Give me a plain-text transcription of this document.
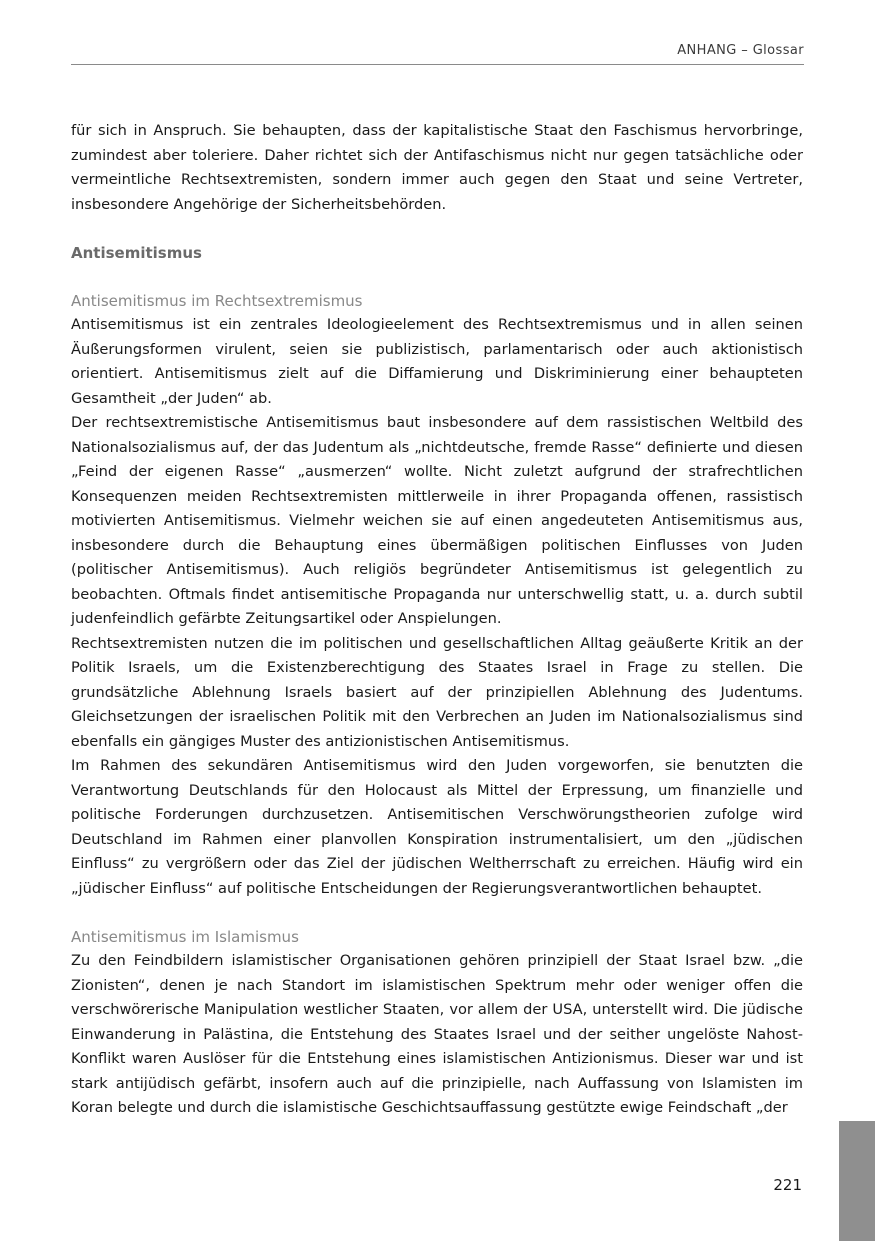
ANHANG – Glossar

für sich in Anspruch. Sie behaupten, dass der kapitalistische Staat den Faschismus hervorbringe, zumindest aber toleriere. Daher richtet sich der Antifaschismus nicht nur gegen tatsächliche oder vermeintliche Rechtsextremisten, sondern immer auch gegen den Staat und seine Vertreter, insbesondere Angehörige der Sicherheitsbehörden.

Antisemitismus
Antisemitismus im Rechtsextremismus

Antisemitismus ist ein zentrales Ideologieelement des Rechtsextremismus und in allen seinen Äußerungsformen virulent, seien sie publizistisch, parlamentarisch oder auch aktionistisch orientiert. Antisemitismus zielt auf die Diffamierung und Diskriminierung einer behaupteten Gesamtheit „der Juden“ ab.

Der rechtsextremistische Antisemitismus baut insbesondere auf dem rassistischen Weltbild des Nationalsozialismus auf, der das Judentum als „nichtdeutsche, fremde Rasse“ definierte und diesen „Feind der eigenen Rasse“ „ausmerzen“ wollte. Nicht zuletzt aufgrund der strafrechtlichen Konsequenzen meiden Rechtsextremisten mittlerweile in ihrer Propaganda offenen, rassistisch motivierten Antisemitismus. Vielmehr weichen sie auf einen angedeuteten Antisemitismus aus, insbesondere durch die Behauptung eines übermäßigen politischen Einflusses von Juden (politischer Antisemitismus). Auch religiös begründeter Antisemitismus ist gelegentlich zu beobachten. Oftmals findet antisemitische Propaganda nur unterschwellig statt, u. a. durch subtil judenfeindlich gefärbte Zeitungsartikel oder Anspielungen.

Rechtsextremisten nutzen die im politischen und gesellschaftlichen Alltag geäußerte Kritik an der Politik Israels, um die Existenzberechtigung des Staates Israel in Frage zu stellen. Die grundsätzliche Ablehnung Israels basiert auf der prinzipiellen Ablehnung des Judentums. Gleichsetzungen der israelischen Politik mit den Verbrechen an Juden im Nationalsozialismus sind ebenfalls ein gängiges Muster des antizionistischen Antisemitismus.

Im Rahmen des sekundären Antisemitismus wird den Juden vorgeworfen, sie benutzten die Verantwortung Deutschlands für den Holocaust als Mittel der Erpressung, um finanzielle und politische Forderungen durchzusetzen. Antisemitischen Verschwörungstheorien zufolge wird Deutschland im Rahmen einer planvollen Konspiration instrumentalisiert, um den „jüdischen Einfluss“ zu vergrößern oder das Ziel der jüdischen Weltherrschaft zu erreichen. Häufig wird ein „jüdischer Einfluss“ auf politische Entscheidungen der Regierungsverantwortlichen behauptet.

Antisemitismus im Islamismus

Zu den Feindbildern islamistischer Organisationen gehören prinzipiell der Staat Israel bzw. „die Zionisten“, denen je nach Standort im islamistischen Spektrum mehr oder weniger offen die verschwörerische Manipulation westlicher Staaten, vor allem der USA, unterstellt wird. Die jüdische Einwanderung in Palästina, die Entstehung des Staates Israel und der seither ungelöste Nahost-Konflikt waren Auslöser für die Entstehung eines islamistischen Antizionismus. Dieser war und ist stark antijüdisch gefärbt, insofern auch auf die prinzipielle, nach Auffassung von Islamisten im Koran belegte und durch die islamistische Geschichtsauffassung gestützte ewige Feindschaft „der

221
